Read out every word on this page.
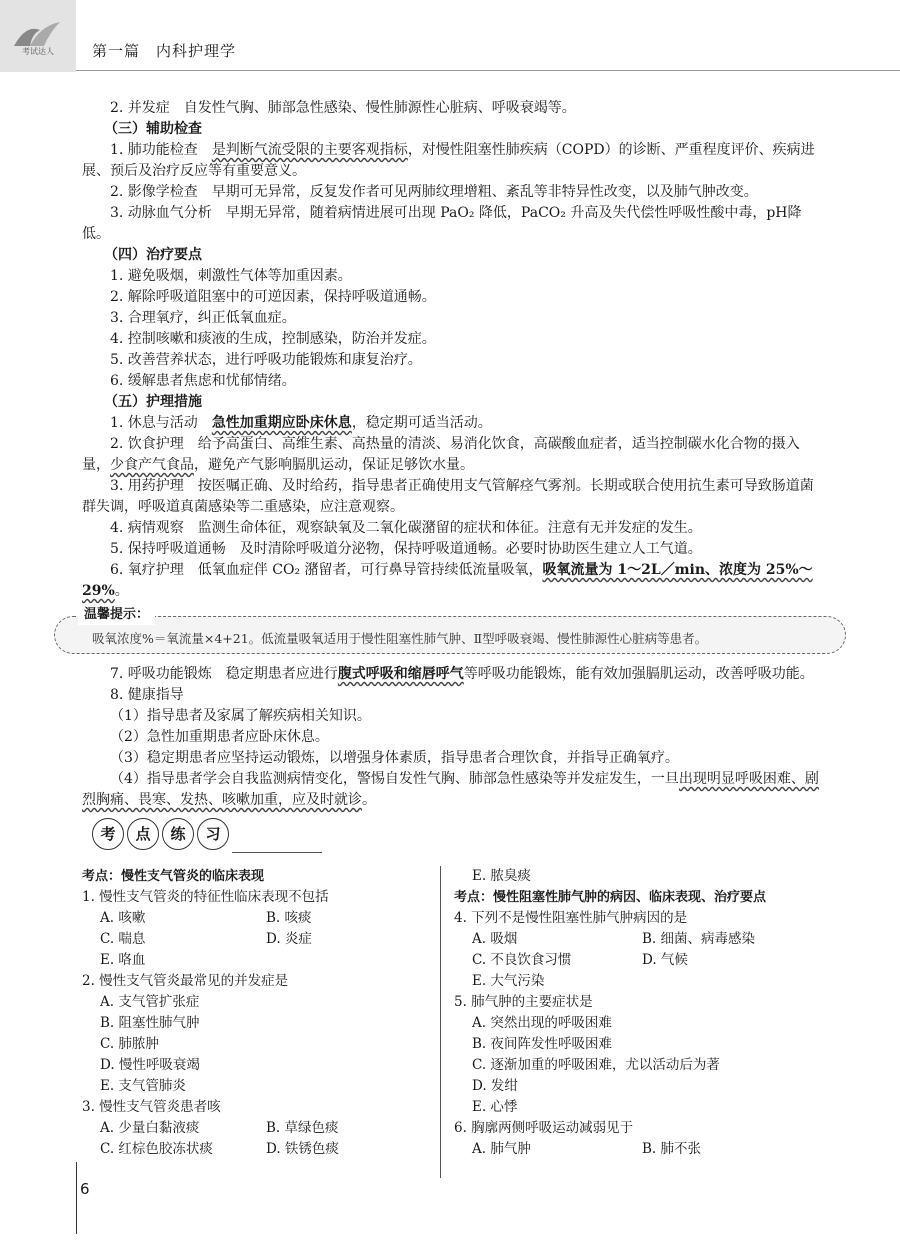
考试达人	第一篇　内科护理学

2. 并发症　自发性气胸、肺部急性感染、慢性肺源性心脏病、呼吸衰竭等。

（三）辅助检查

1. 肺功能检查　是判断气流受限的主要客观指标，对慢性阻塞性肺疾病（COPD）的诊断、严重程度评价、疾病进展、预后及治疗反应等有重要意义。

2. 影像学检查　早期可无异常，反复发作者可见两肺纹理增粗、紊乱等非特异性改变，以及肺气肿改变。

3. 动脉血气分析　早期无异常，随着病情进展可出现 PaO₂ 降低，PaCO₂ 升高及失代偿性呼吸性酸中毒，pH降低。

（四）治疗要点

1. 避免吸烟，刺激性气体等加重因素。

2. 解除呼吸道阻塞中的可逆因素，保持呼吸道通畅。

3. 合理氧疗，纠正低氧血症。

4. 控制咳嗽和痰液的生成，控制感染，防治并发症。

5. 改善营养状态，进行呼吸功能锻炼和康复治疗。

6. 缓解患者焦虑和忧郁情绪。

（五）护理措施

1. 休息与活动　急性加重期应卧床休息，稳定期可适当活动。

2. 饮食护理　给予高蛋白、高维生素、高热量的清淡、易消化饮食，高碳酸血症者，适当控制碳水化合物的摄入量，少食产气食品，避免产气影响膈肌运动，保证足够饮水量。

3. 用药护理　按医嘱正确、及时给药，指导患者正确使用支气管解痉气雾剂。长期或联合使用抗生素可导致肠道菌群失调，呼吸道真菌感染等二重感染，应注意观察。

4. 病情观察　监测生命体征，观察缺氧及二氧化碳潴留的症状和体征。注意有无并发症的发生。

5. 保持呼吸道通畅　及时清除呼吸道分泌物，保持呼吸道通畅。必要时协助医生建立人工气道。

6. 氧疗护理　低氧血症伴 CO₂ 潴留者，可行鼻导管持续低流量吸氧，吸氧流量为 1～2L／min、浓度为 25%～29%。

温馨提示：
吸氧浓度%＝氧流量×4+21。低流量吸氧适用于慢性阻塞性肺气肿、Ⅱ型呼吸衰竭、慢性肺源性心脏病等患者。

7. 呼吸功能锻炼　稳定期患者应进行腹式呼吸和缩唇呼气等呼吸功能锻炼，能有效加强膈肌运动，改善呼吸功能。

8. 健康指导

（1）指导患者及家属了解疾病相关知识。

（2）急性加重期患者应卧床休息。

（3）稳定期患者应坚持运动锻炼，以增强身体素质，指导患者合理饮食，并指导正确氧疗。

（4）指导患者学会自我监测病情变化，警惕自发性气胸、肺部急性感染等并发症发生，一旦出现明显呼吸困难、剧烈胸痛、畏寒、发热、咳嗽加重，应及时就诊。

考	点	练	习
考点：慢性支气管炎的临床表现
1. 慢性支气管炎的特征性临床表现不包括
A. 咳嗽	B. 咳痰
C. 喘息	D. 炎症
E. 咯血
2. 慢性支气管炎最常见的并发症是
A. 支气管扩张症
B. 阻塞性肺气肿
C. 肺脓肿
D. 慢性呼吸衰竭
E. 支气管肺炎
3. 慢性支气管炎患者咳
A. 少量白黏液痰	B. 草绿色痰
C. 红棕色胶冻状痰	D. 铁锈色痰
E. 脓臭痰
考点：慢性阻塞性肺气肿的病因、临床表现、治疗要点
4. 下列不是慢性阻塞性肺气肿病因的是
A. 吸烟	B. 细菌、病毒感染
C. 不良饮食习惯	D. 气候
E. 大气污染
5. 肺气肿的主要症状是
A. 突然出现的呼吸困难
B. 夜间阵发性呼吸困难
C. 逐渐加重的呼吸困难，尤以活动后为著
D. 发绀
E. 心悸
6. 胸廓两侧呼吸运动减弱见于
A. 肺气肿	B. 肺不张
6
